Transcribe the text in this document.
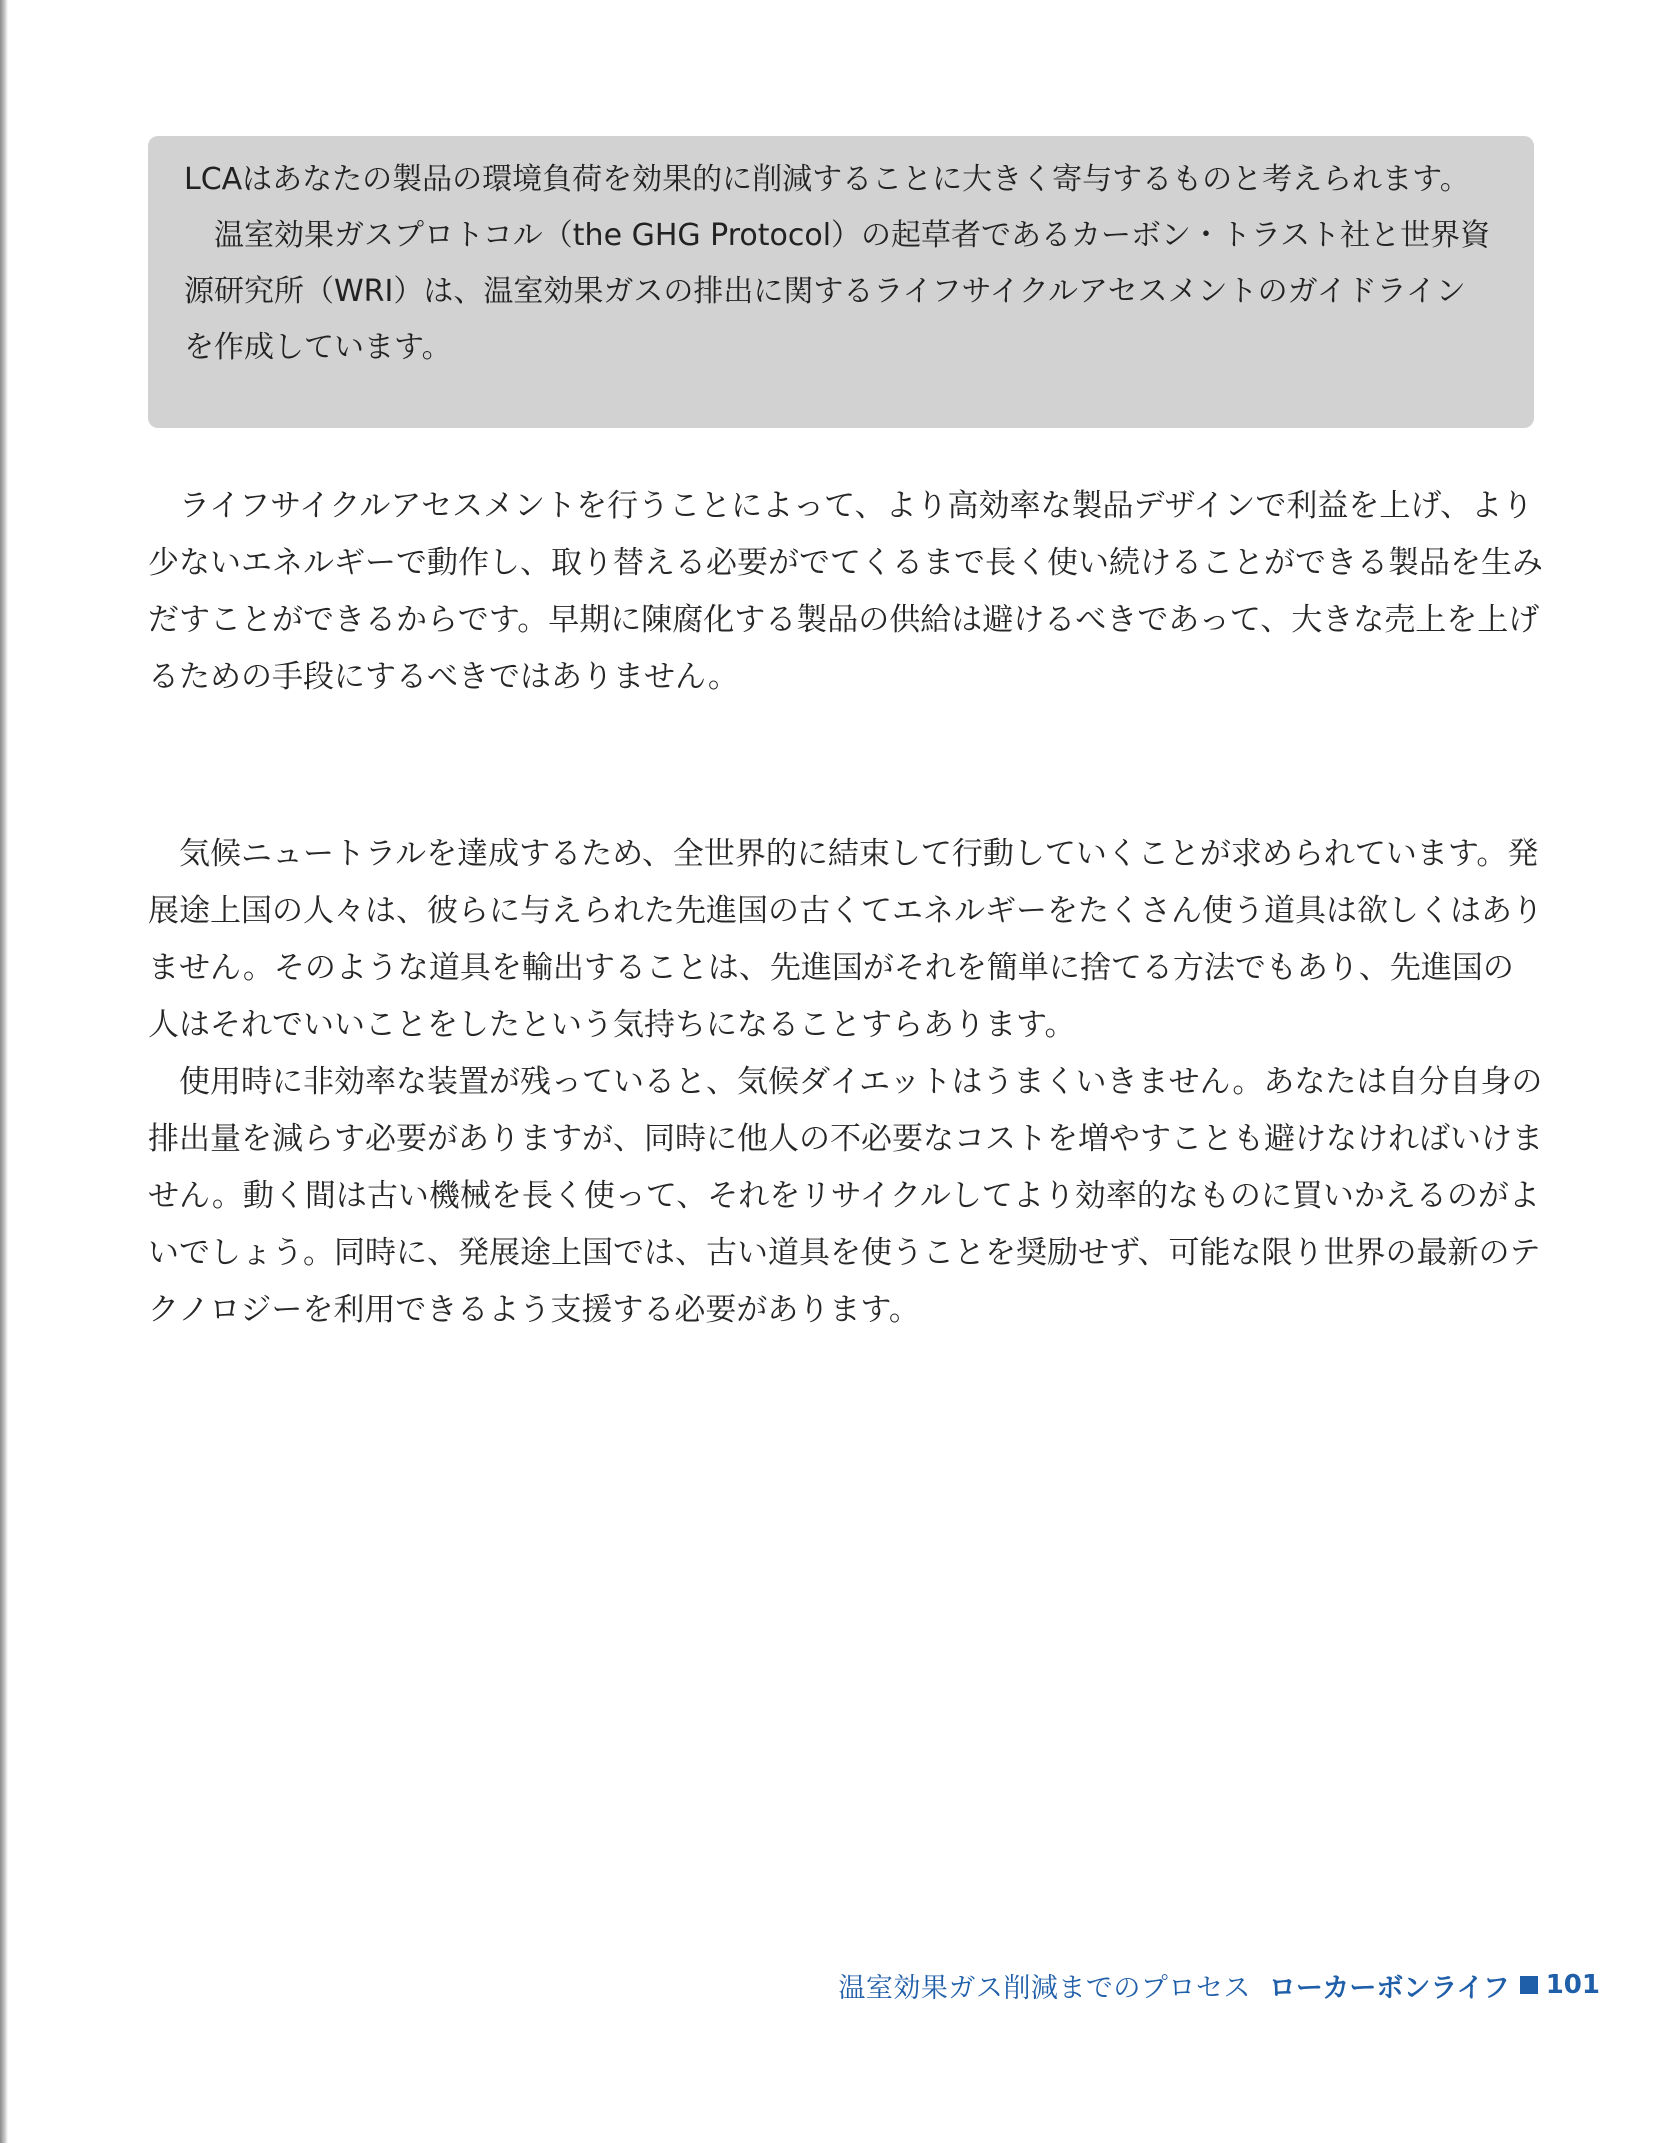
LCAはあなたの製品の環境負荷を効果的に削減することに大きく寄与するものと考えられます。

温室効果ガスプロトコル（the GHG Protocol）の起草者であるカーボン・トラスト社と世界資源研究所（WRI）は、温室効果ガスの排出に関するライフサイクルアセスメントのガイドラインを作成しています。

ライフサイクルアセスメントを行うことによって、より高効率な製品デザインで利益を上げ、より少ないエネルギーで動作し、取り替える必要がでてくるまで長く使い続けることができる製品を生みだすことができるからです。早期に陳腐化する製品の供給は避けるべきであって、大きな売上を上げるための手段にするべきではありません。

気候ニュートラルを達成するため、全世界的に結束して行動していくことが求められています。発展途上国の人々は、彼らに与えられた先進国の古くてエネルギーをたくさん使う道具は欲しくはありません。そのような道具を輸出することは、先進国がそれを簡単に捨てる方法でもあり、先進国の人はそれでいいことをしたという気持ちになることすらあります。

使用時に非効率な装置が残っていると、気候ダイエットはうまくいきません。あなたは自分自身の排出量を減らす必要がありますが、同時に他人の不必要なコストを増やすことも避けなければいけません。動く間は古い機械を長く使って、それをリサイクルしてより効率的なものに買いかえるのがよいでしょう。同時に、発展途上国では、古い道具を使うことを奨励せず、可能な限り世界の最新のテクノロジーを利用できるよう支援する必要があります。

温室効果ガス削減までのプロセス ローカーボンライフ 101
